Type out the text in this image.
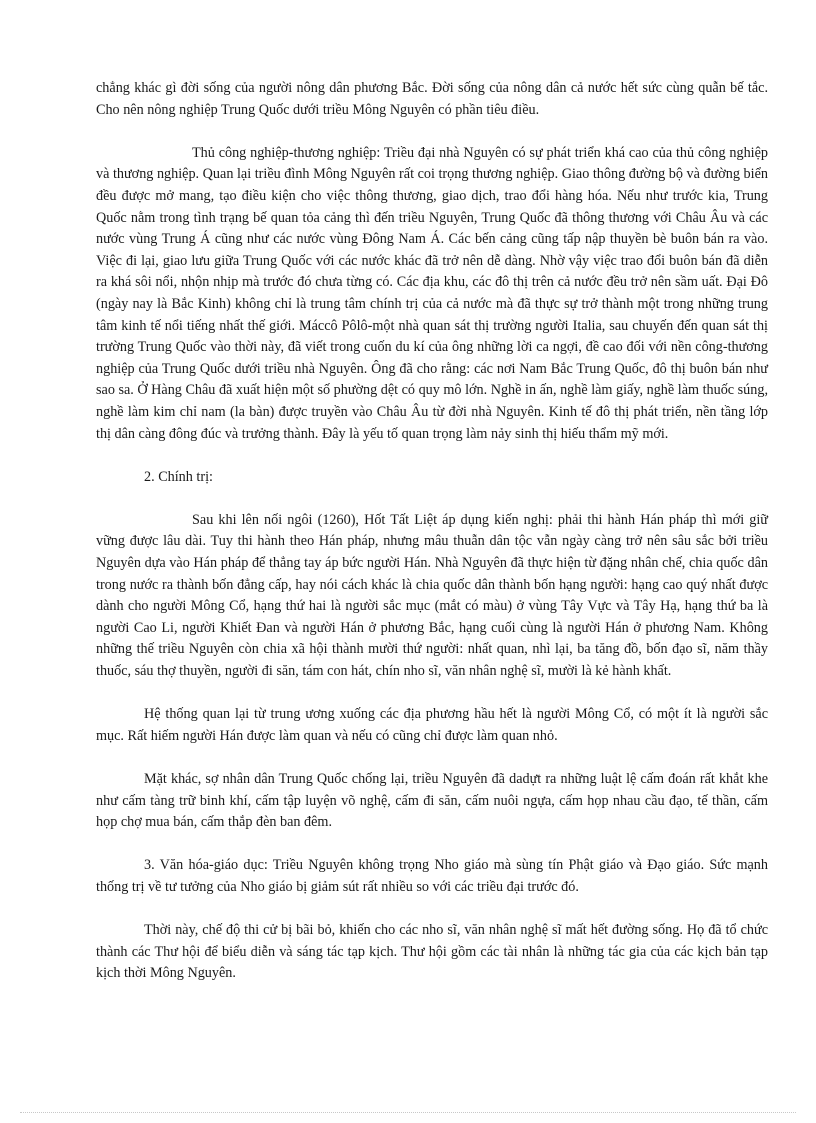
chẳng khác gì đời sống của người nông dân phương Bắc. Đời sống của nông dân cả nước hết sức cùng quẫn bế tắc. Cho nên nông nghiệp Trung Quốc dưới triều Mông Nguyên có phần tiêu điều.

Thủ công nghiệp-thương nghiệp: Triều đại nhà Nguyên có sự phát triển khá cao của thủ công nghiệp và thương nghiệp. Quan lại triều đình Mông Nguyên rất coi trọng thương nghiệp. Giao thông đường bộ và đường biển đều được mở mang, tạo điều kiện cho việc thông thương, giao dịch, trao đổi hàng hóa. Nếu như trước kia, Trung Quốc nằm trong tình trạng bế quan tỏa cảng thì đến triều Nguyên, Trung Quốc đã thông thương với Châu Âu và các nước vùng Trung Á cũng như các nước vùng Đông Nam Á. Các bến cảng cũng tấp nập thuyền bè buôn bán ra vào. Việc đi lại, giao lưu giữa Trung Quốc với các nước khác đã trở nên dễ dàng. Nhờ vậy việc trao đổi buôn bán đã diễn ra khá sôi nổi, nhộn nhịp mà trước đó chưa từng có. Các địa khu, các đô thị trên cả nước đều trở nên sầm uất. Đại Đô (ngày nay là Bắc Kinh) không chỉ là trung tâm chính trị của cả nước mà đã thực sự trở thành một trong những trung tâm kinh tế nổi tiếng nhất thế giới. Máccô Pôlô-một nhà quan sát thị trường người Italia, sau chuyến đến quan sát thị trường Trung Quốc vào thời này, đã viết trong cuốn du kí của ông những lời ca ngợi, đề cao đối với nền công-thương nghiệp của Trung Quốc dưới triều nhà Nguyên. Ông đã cho rằng: các nơi Nam Bắc Trung Quốc, đô thị buôn bán như sao sa. Ở Hàng Châu đã xuất hiện một số phường dệt có quy mô lớn. Nghề in ấn, nghề làm giấy, nghề làm thuốc súng, nghề làm kim chỉ nam (la bàn) được truyền vào Châu Âu từ đời nhà Nguyên. Kinh tế đô thị phát triển, nền tầng lớp thị dân càng đông đúc và trưởng thành. Đây là yếu tố quan trọng làm nảy sinh thị hiếu thẩm mỹ mới.

2. Chính trị:

Sau khi lên nối ngôi (1260), Hốt Tất Liệt áp dụng kiến nghị: phải thi hành Hán pháp thì mới giữ vững được lâu dài. Tuy thi hành theo Hán pháp, nhưng mâu thuẫn dân tộc vẫn ngày càng trở nên sâu sắc bởi triều Nguyên dựa vào Hán pháp để thẳng tay áp bức người Hán. Nhà Nguyên đã thực hiện từ đặng nhân chế, chia quốc dân trong nước ra thành bốn đẳng cấp, hay nói cách khác là chia quốc dân thành bốn hạng người: hạng cao quý nhất được dành cho người Mông Cổ, hạng thứ hai là người sắc mục (mắt có màu) ở vùng Tây Vực và Tây Hạ, hạng thứ ba là người Cao Li, người Khiết Đan và người Hán ở phương Bắc, hạng cuối cùng là người Hán ở phương Nam. Không những thế triều Nguyên còn chia xã hội thành mười thứ người: nhất quan, nhì lại, ba tăng đồ, bốn đạo sĩ, năm thầy thuốc, sáu thợ thuyền, người đi săn, tám con hát, chín nho sĩ, văn nhân nghệ sĩ, mười là kẻ hành khất.

Hệ thống quan lại từ trung ương xuống các địa phương hầu hết là người Mông Cổ, có một ít là người sắc mục. Rất hiếm người Hán được làm quan và nếu có cũng chỉ được làm quan nhỏ.

Mặt khác, sợ nhân dân Trung Quốc chống lại, triều Nguyên đã dadựt ra những luật lệ cấm đoán rất khắt khe như cấm tàng trữ binh khí, cấm tập luyện võ nghệ, cấm đi săn, cấm nuôi ngựa, cấm họp nhau cầu đạo, tế thần, cấm họp chợ mua bán, cấm thắp đèn ban đêm.

3. Văn hóa-giáo dục: Triều Nguyên không trọng Nho giáo mà sùng tín Phật giáo và Đạo giáo. Sức mạnh thống trị về tư tưởng của Nho giáo bị giảm sút rất nhiều so với các triều đại trước đó.

Thời này, chế độ thi cử bị bãi bỏ, khiến cho các nho sĩ, văn nhân nghệ sĩ mất hết đường sống. Họ đã tổ chức thành các Thư hội để biểu diễn và sáng tác tạp kịch. Thư hội gồm các tài nhân là những tác gia của các kịch bản tạp kịch thời Mông Nguyên.
